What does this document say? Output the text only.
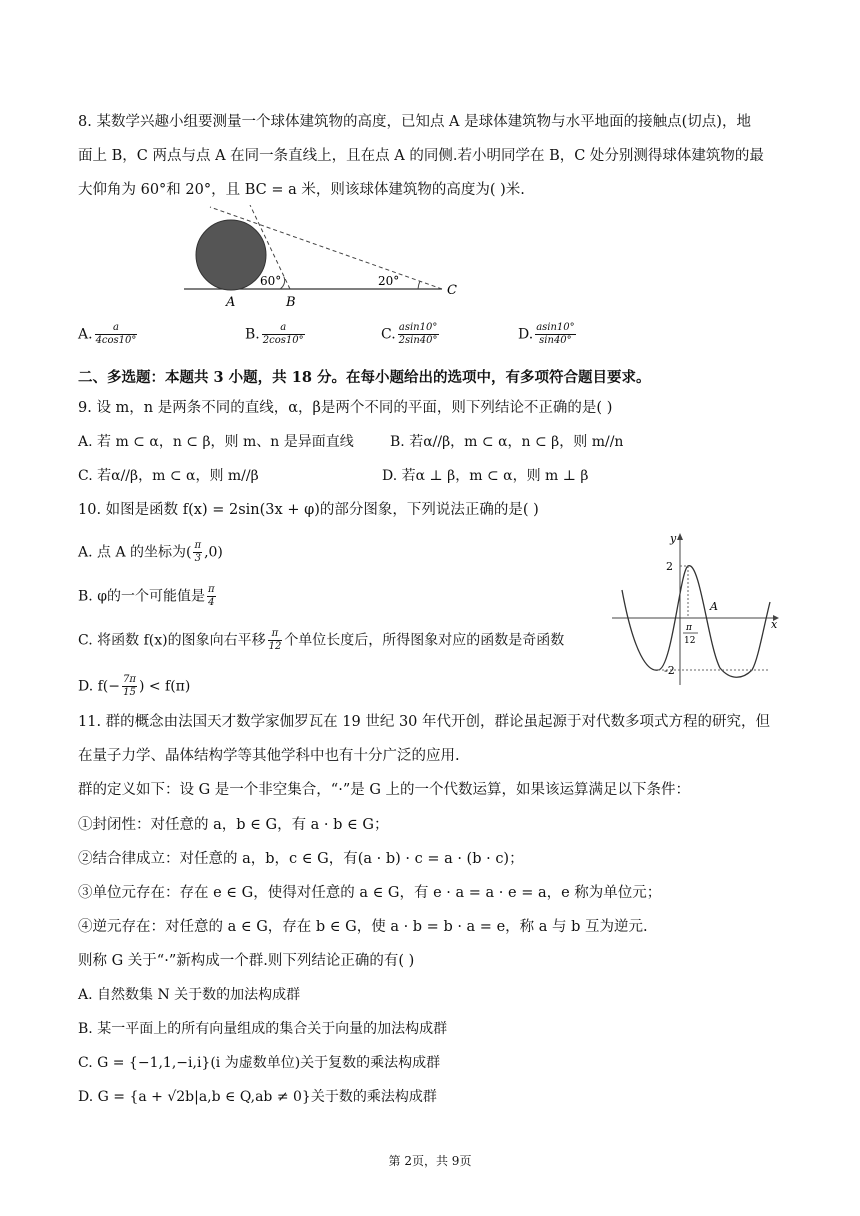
8. 某数学兴趣小组要测量一个球体建筑物的高度，已知点 A 是球体建筑物与水平地面的接触点(切点)，地
面上 B，C 两点与点 A 在同一条直线上，且在点 A 的同侧.若小明同学在 B，C 处分别测得球体建筑物的最
大仰角为 60°和 20°，且 BC = a 米，则该球体建筑物的高度为( )米.
60°	20°
A	B
C
A. $\frac{a}{4\cos 10^\circ}$	B. $\frac{a}{2\cos 10^\circ}$	C. $\frac{asin10^\circ}{2\sin 40^\circ}$	D. $\frac{asin10^\circ}{\sin 40^\circ}$
二、多选题：本题共 3 小题，共 18 分。在每小题给出的选项中，有多项符合题目要求。
9. 设 m，n 是两条不同的直线，α，β是两个不同的平面，则下列结论不正确的是( )
A. 若 m ⊂ α，n ⊂ β，则 m、n 是异面直线	B. 若α//β，m ⊂ α，n ⊂ β，则 m//n
C. 若α//β，m ⊂ α，则 m//β	D. 若α ⊥ β，m ⊂ α，则 m ⊥ β
10. 如图是函数 f(x) = 2sin(3x + φ)的部分图象，下列说法正确的是( )
A. 点 A 的坐标为( $\frac{\pi}{3} ,0$)
B. φ的一个可能值是 $\frac{\pi}{4}$
C. 将函数 f(x)的图象向右平移 $\frac{\pi}{12}$ 个单位长度后，所得图象对应的函数是奇函数
D. $f(- \frac{7\pi}{15}$ ) < f(π)
y
x
2
-2
A
π
12
11. 群的概念由法国天才数学家伽罗瓦在 19 世纪 30 年代开创，群论虽起源于对代数多项式方程的研究，但
在量子力学、晶体结构学等其他学科中也有十分广泛的应用.
群的定义如下：设 G 是一个非空集合，“·”是 G 上的一个代数运算，如果该运算满足以下条件：
①封闭性：对任意的 a，b ∈ G，有 a · b ∈ G；
②结合律成立：对任意的 a，b，c ∈ G，有(a · b) · c = a · (b · c)；
③单位元存在：存在 e ∈ G，使得对任意的 a ∈ G，有 e · a = a · e = a，e 称为单位元；
④逆元存在：对任意的 a ∈ G，存在 b ∈ G，使 a · b = b · a = e，称 a 与 b 互为逆元.
则称 G 关于“·”新构成一个群.则下列结论正确的有( )
A. 自然数集 N 关于数的加法构成群
B. 某一平面上的所有向量组成的集合关于向量的加法构成群
C. G = {−1,1,−i,i}(i 为虚数单位)关于复数的乘法构成群
D. G = {a + √2b|a,b ∈ Q,ab ≠ 0}关于数的乘法构成群
第 2页，共 9页
